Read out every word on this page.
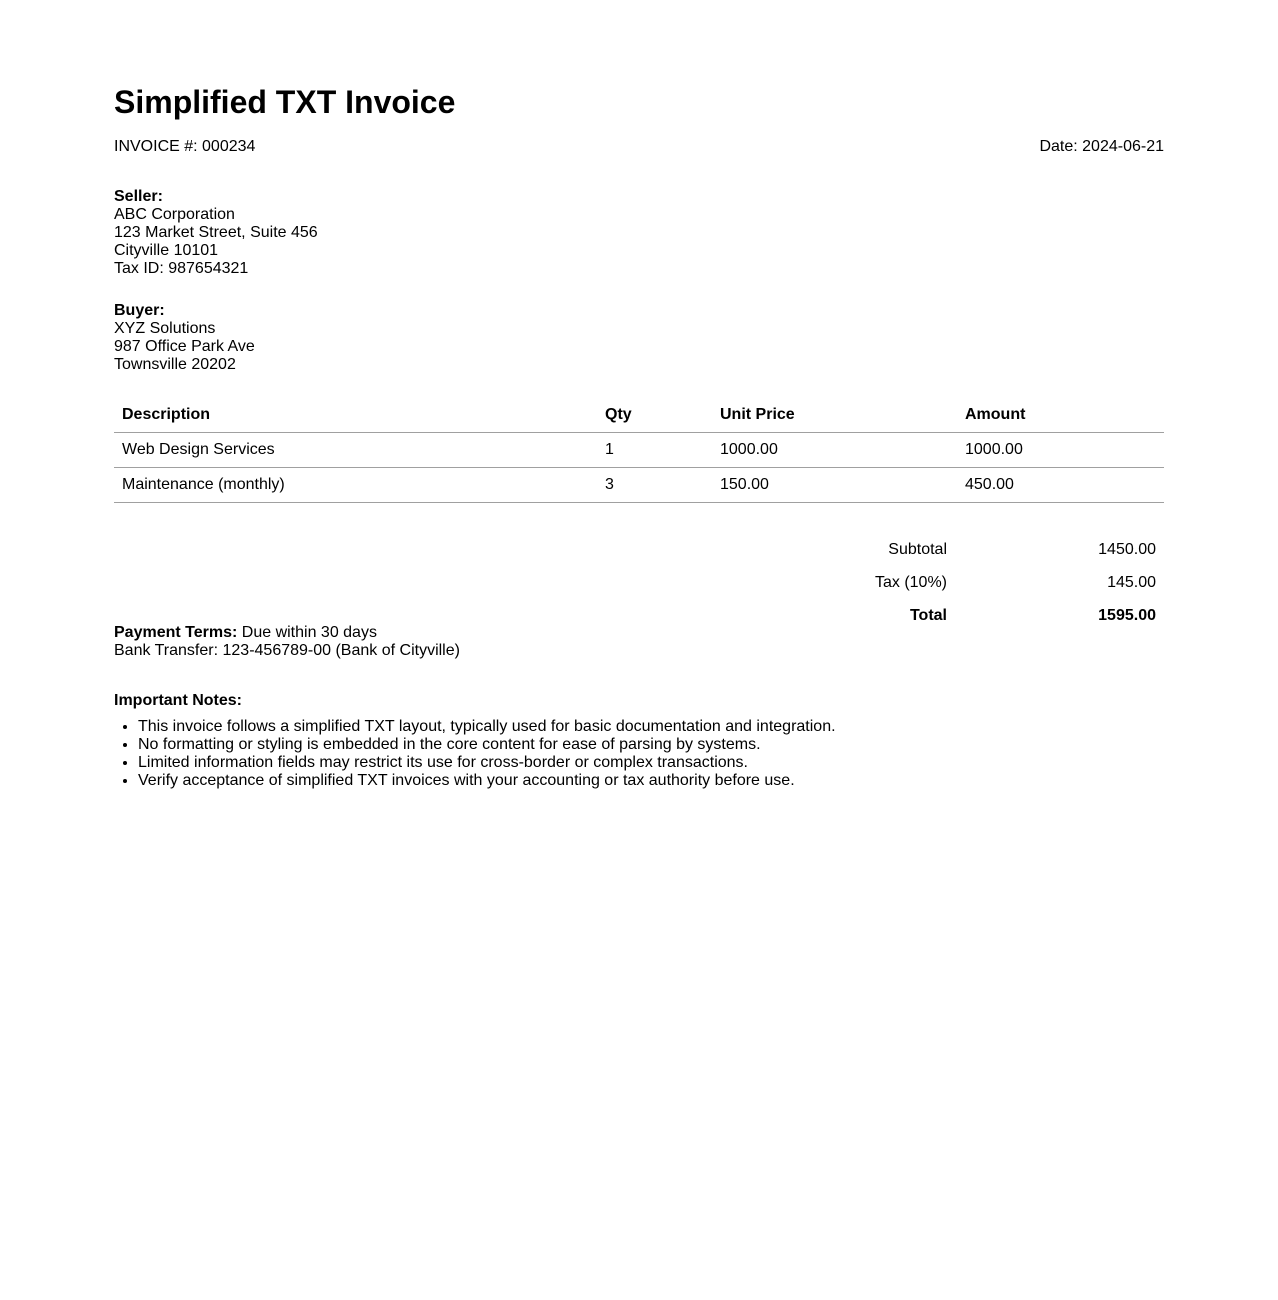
Simplified TXT Invoice
INVOICE #: 000234	Date: 2024-06-21
Seller:
ABC Corporation
123 Market Street, Suite 456
Cityville 10101
Tax ID: 987654321
Buyer:
XYZ Solutions
987 Office Park Ave
Townsville 20202
Description	Qty	Unit Price	Amount
Web Design Services	1	1000.00	1000.00
Maintenance (monthly)	3	150.00	450.00
	Subtotal	1450.00
	Tax (10%)	145.00
	Total	1595.00
Payment Terms: Due within 30 days
Bank Transfer: 123-456789-00 (Bank of Cityville)
Important Notes:
• This invoice follows a simplified TXT layout, typically used for basic documentation and integration.
• No formatting or styling is embedded in the core content for ease of parsing by systems.
• Limited information fields may restrict its use for cross-border or complex transactions.
• Verify acceptance of simplified TXT invoices with your accounting or tax authority before use.
